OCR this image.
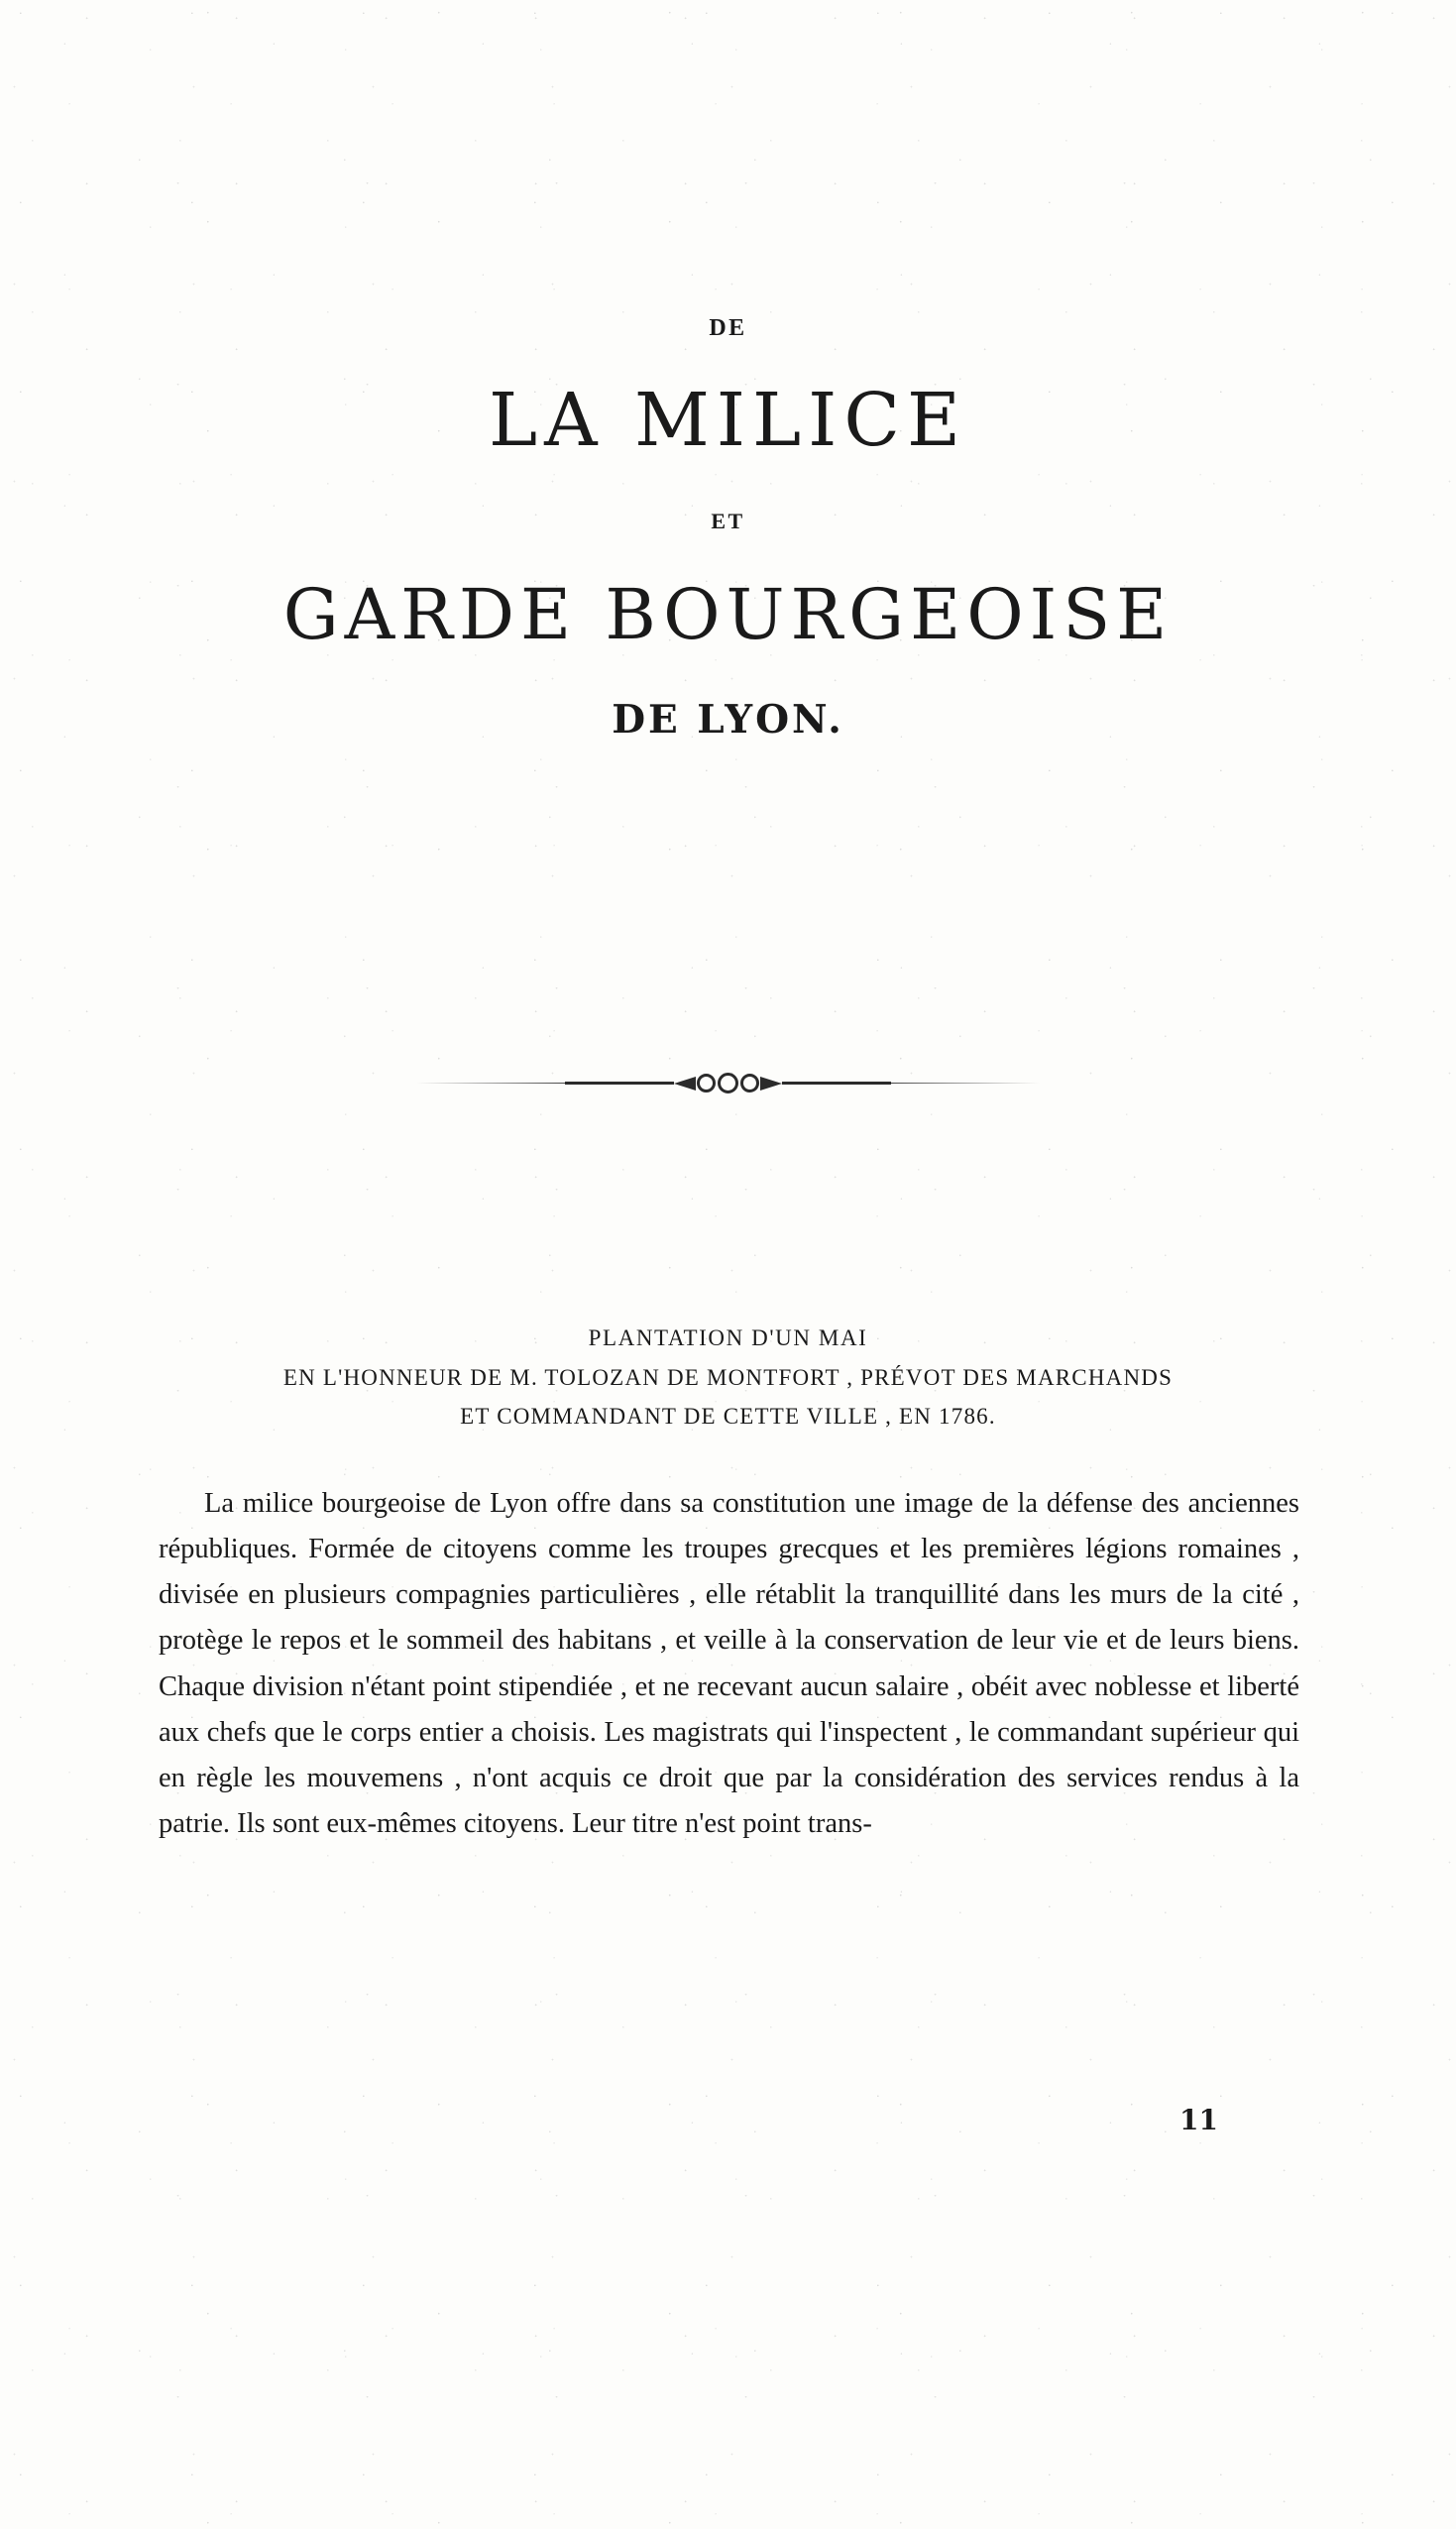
DE
LA MILICE
ET
GARDE BOURGEOISE
DE LYON.
PLANTATION D'UN MAI
EN L'HONNEUR DE M. TOLOZAN DE MONTFORT , PRÉVOT DES MARCHANDS
ET COMMANDANT DE CETTE VILLE , EN 1786.

La milice bourgeoise de Lyon offre dans sa constitution une image de la défense des anciennes républiques. Formée de citoyens comme les troupes grecques et les premières légions romaines , divisée en plusieurs compagnies particulières , elle rétablit la tranquillité dans les murs de la cité , protège le repos et le sommeil des habitans , et veille à la conservation de leur vie et de leurs biens. Chaque division n'étant point stipendiée , et ne recevant aucun salaire , obéit avec noblesse et liberté aux chefs que le corps entier a choisis. Les magistrats qui l'inspectent , le commandant supérieur qui en règle les mouvemens , n'ont acquis ce droit que par la considération des services rendus à la patrie. Ils sont eux-mêmes citoyens. Leur titre n'est point trans-

11
